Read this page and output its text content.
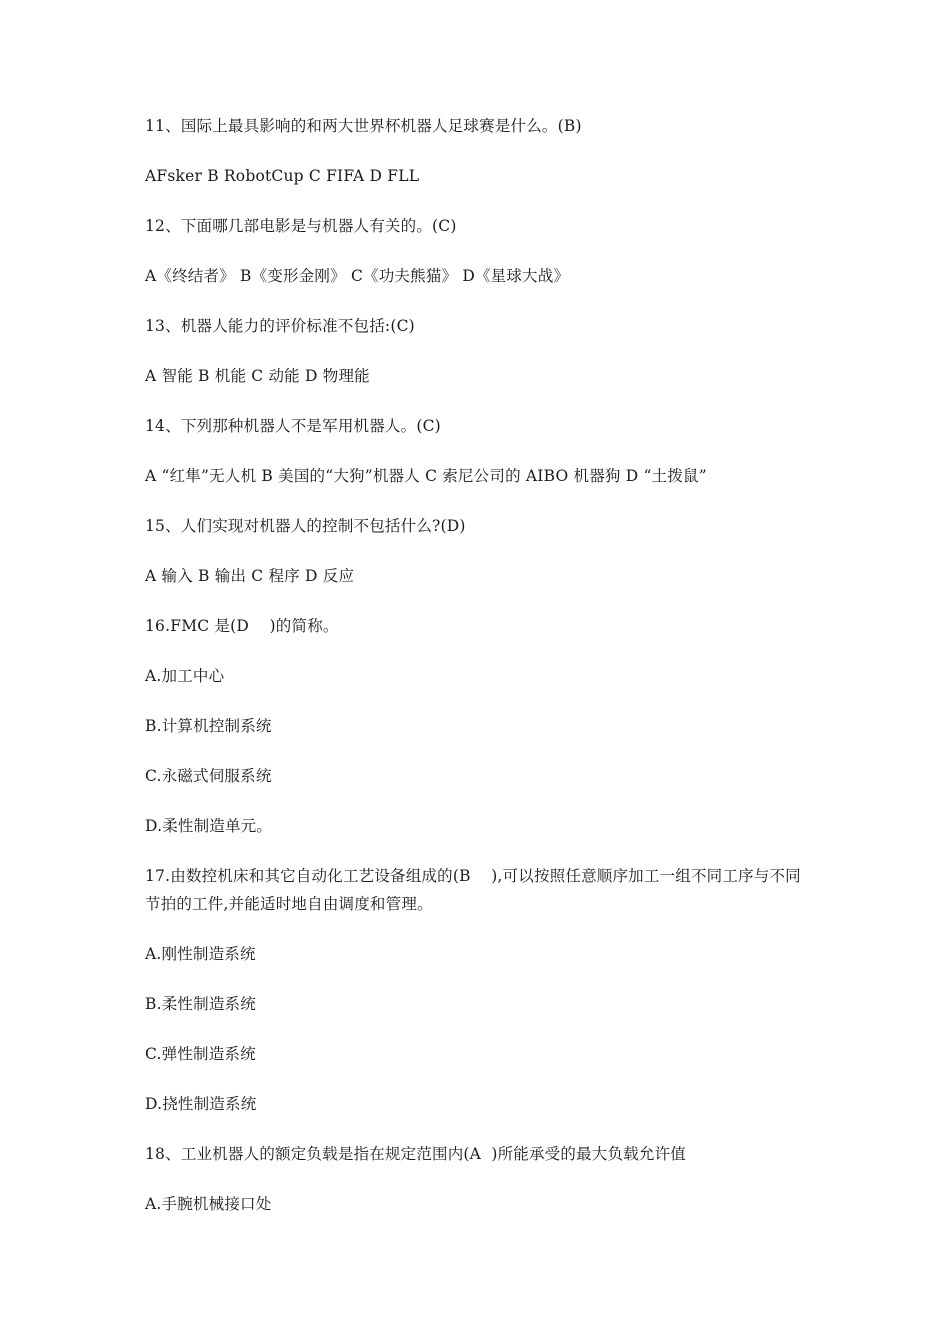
11、国际上最具影响的和两大世界杯机器人足球赛是什么。(B)

AFsker B RobotCup C FIFA D FLL

12、下面哪几部电影是与机器人有关的。(C)

A《终结者》 B《变形金刚》 C《功夫熊猫》 D《星球大战》

13、机器人能力的评价标准不包括:(C)

A 智能 B 机能 C 动能 D 物理能

14、下列那种机器人不是军用机器人。(C)

A “红隼”无人机 B 美国的“大狗”机器人 C 索尼公司的 AIBO 机器狗 D “土拨鼠”

15、人们实现对机器人的控制不包括什么?(D)

A 输入 B 输出 C 程序 D 反应

16.FMC 是(D    )的简称。

A.加工中心

B.计算机控制系统

C.永磁式伺服系统

D.柔性制造单元。

17.由数控机床和其它自动化工艺设备组成的(B    ),可以按照任意顺序加工一组不同工序与不同节拍的工件,并能适时地自由调度和管理。

A.刚性制造系统

B.柔性制造系统

C.弹性制造系统

D.挠性制造系统

18、工业机器人的额定负载是指在规定范围内(A  )所能承受的最大负载允许值

A.手腕机械接口处
